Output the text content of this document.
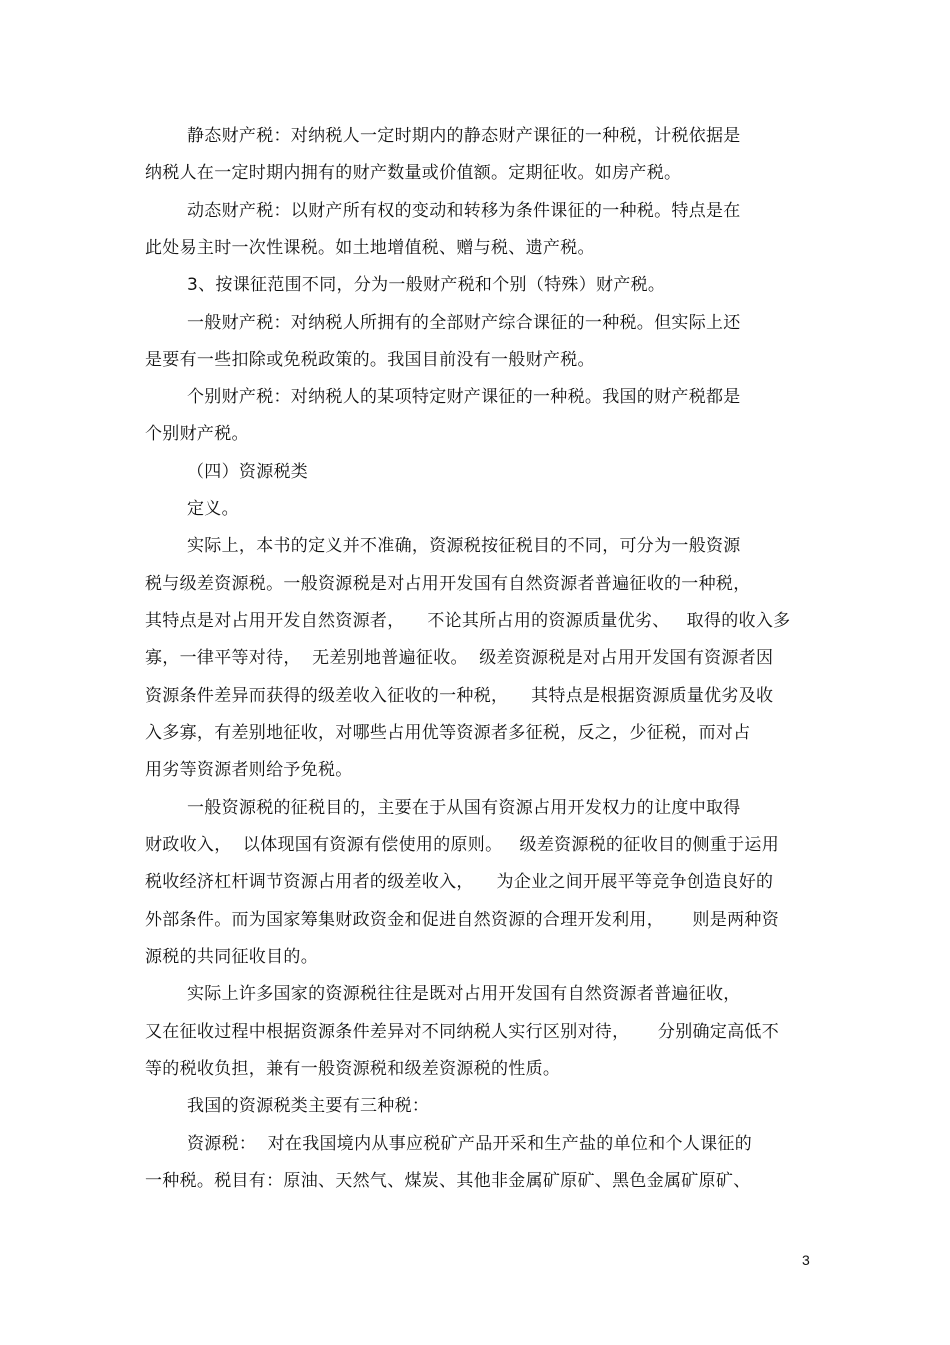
静态财产税：对纳税人一定时期内的静态财产课征的一种税，计税依据是
纳税人在一定时期内拥有的财产数量或价值额。定期征收。如房产税。
动态财产税：以财产所有权的变动和转移为条件课征的一种税。特点是在
此处易主时一次性课税。如土地增值税、赠与税、遗产税。
3、按课征范围不同，分为一般财产税和个别（特殊）财产税。
一般财产税：对纳税人所拥有的全部财产综合课征的一种税。但实际上还
是要有一些扣除或免税政策的。我国目前没有一般财产税。
个别财产税：对纳税人的某项特定财产课征的一种税。我国的财产税都是
个别财产税。
（四）资源税类
定义。
实际上，本书的定义并不准确，资源税按征税目的不同，可分为一般资源
税与级差资源税。一般资源税是对占用开发国有自然资源者普遍征收的一种税，
其特点是对占用开发自然资源者，    不论其所占用的资源质量优劣、   取得的收入多
寡，一律平等对待，  无差别地普遍征收。  级差资源税是对占用开发国有资源者因
资源条件差异而获得的级差收入征收的一种税，    其特点是根据资源质量优劣及收
入多寡，有差别地征收，对哪些占用优等资源者多征税，反之，少征税，而对占
用劣等资源者则给予免税。
一般资源税的征税目的，主要在于从国有资源占用开发权力的让度中取得
财政收入，  以体现国有资源有偿使用的原则。   级差资源税的征收目的侧重于运用
税收经济杠杆调节资源占用者的级差收入，    为企业之间开展平等竞争创造良好的
外部条件。而为国家筹集财政资金和促进自然资源的合理开发利用，     则是两种资
源税的共同征收目的。
实际上许多国家的资源税往往是既对占用开发国有自然资源者普遍征收，
又在征收过程中根据资源条件差异对不同纳税人实行区别对待，     分别确定高低不
等的税收负担，兼有一般资源税和级差资源税的性质。
我国的资源税类主要有三种税：
资源税：  对在我国境内从事应税矿产品开采和生产盐的单位和个人课征的
一种税。税目有：原油、天然气、煤炭、其他非金属矿原矿、黑色金属矿原矿、
3
